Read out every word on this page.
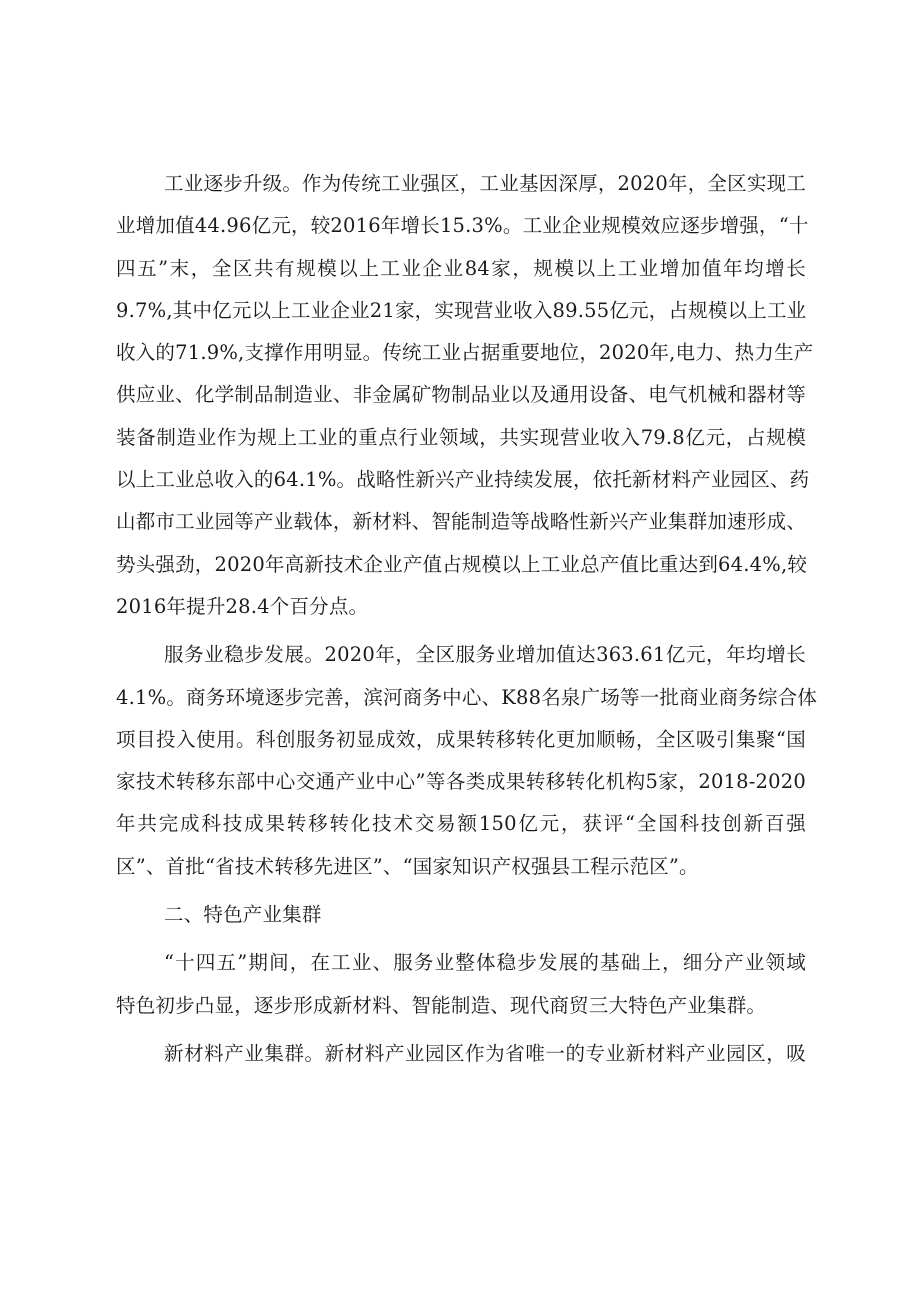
工业逐步升级。作为传统工业强区，工业基因深厚，2020年，全区实现工
业增加值44.96亿元，较2016年增长15.3%。工业企业规模效应逐步增强，“十
四五”末，全区共有规模以上工业企业84家，规模以上工业增加值年均增长
9.7%,其中亿元以上工业企业21家，实现营业收入89.55亿元，占规模以上工业
收入的71.9%,支撑作用明显。传统工业占据重要地位，2020年,电力、热力生产
供应业、化学制品制造业、非金属矿物制品业以及通用设备、电气机械和器材等
装备制造业作为规上工业的重点行业领域，共实现营业收入79.8亿元，占规模
以上工业总收入的64.1%。战略性新兴产业持续发展，依托新材料产业园区、药
山都市工业园等产业载体，新材料、智能制造等战略性新兴产业集群加速形成、
势头强劲，2020年高新技术企业产值占规模以上工业总产值比重达到64.4%,较
2016年提升28.4个百分点。
服务业稳步发展。2020年，全区服务业增加值达363.61亿元，年均增长
4.1%。商务环境逐步完善，滨河商务中心、K88名泉广场等一批商业商务综合体
项目投入使用。科创服务初显成效，成果转移转化更加顺畅，全区吸引集聚“国
家技术转移东部中心交通产业中心”等各类成果转移转化机构5家，2018-2020
年共完成科技成果转移转化技术交易额150亿元，获评“全国科技创新百强
区”、首批“省技术转移先进区”、“国家知识产权强县工程示范区”。
二、特色产业集群
“十四五”期间，在工业、服务业整体稳步发展的基础上，细分产业领域
特色初步凸显，逐步形成新材料、智能制造、现代商贸三大特色产业集群。
新材料产业集群。新材料产业园区作为省唯一的专业新材料产业园区，吸
